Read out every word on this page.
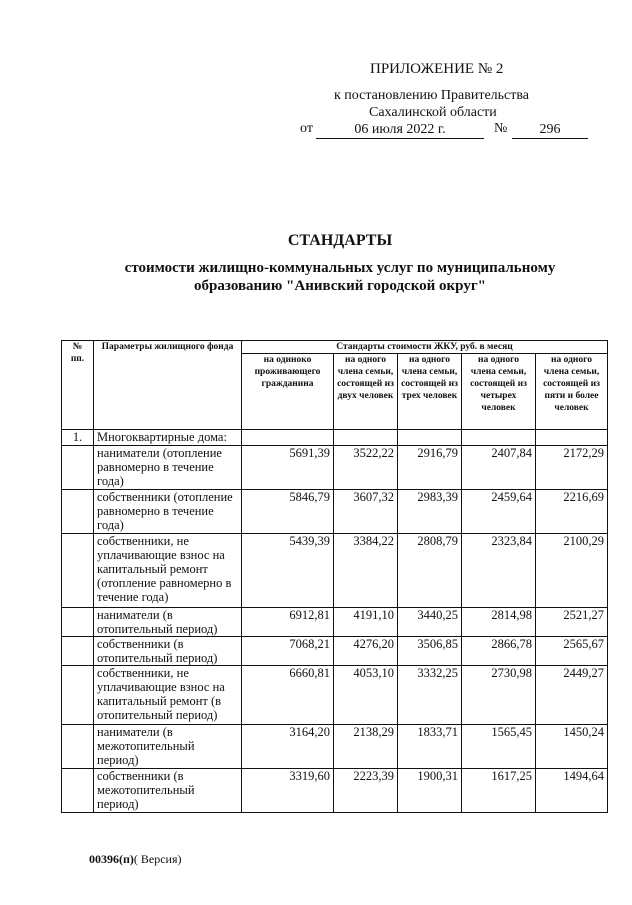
ПРИЛОЖЕНИЕ № 2
к постановлению Правительства
Сахалинской области
от	06 июля 2022 г.	№	296
СТАНДАРТЫ
стоимости жилищно-коммунальных услуг по муниципальному образованию "Анивский городской округ"
№ пп.	Параметры жилищного фонда	Стандарты стоимости ЖКУ, руб. в месяц				
		на одиноко проживающего гражданина	на одного члена семьи, состоящей из двух человек	на одного члена семьи, состоящей из трех человек	на одного члена семьи, состоящей из четырех человек	на одного члена семьи, состоящей из пяти и более человек
1.	Многоквартирные дома:					
	наниматели (отопление равномерно в течение года)	5691,39	3522,22	2916,79	2407,84	2172,29
	собственники (отопление равномерно в течение года)	5846,79	3607,32	2983,39	2459,64	2216,69
	собственники, не уплачивающие взнос на капитальный ремонт (отопление равномерно в течение года)	5439,39	3384,22	2808,79	2323,84	2100,29
	наниматели (в отопительный период)	6912,81	4191,10	3440,25	2814,98	2521,27
	собственники (в отопительный период)	7068,21	4276,20	3506,85	2866,78	2565,67
	собственники, не уплачивающие взнос на капитальный ремонт (в отопительный период)	6660,81	4053,10	3332,25	2730,98	2449,27
	наниматели (в межотопительный период)	3164,20	2138,29	1833,71	1565,45	1450,24
	собственники (в межотопительный период)	3319,60	2223,39	1900,31	1617,25	1494,64
00396(п)( Версия)
